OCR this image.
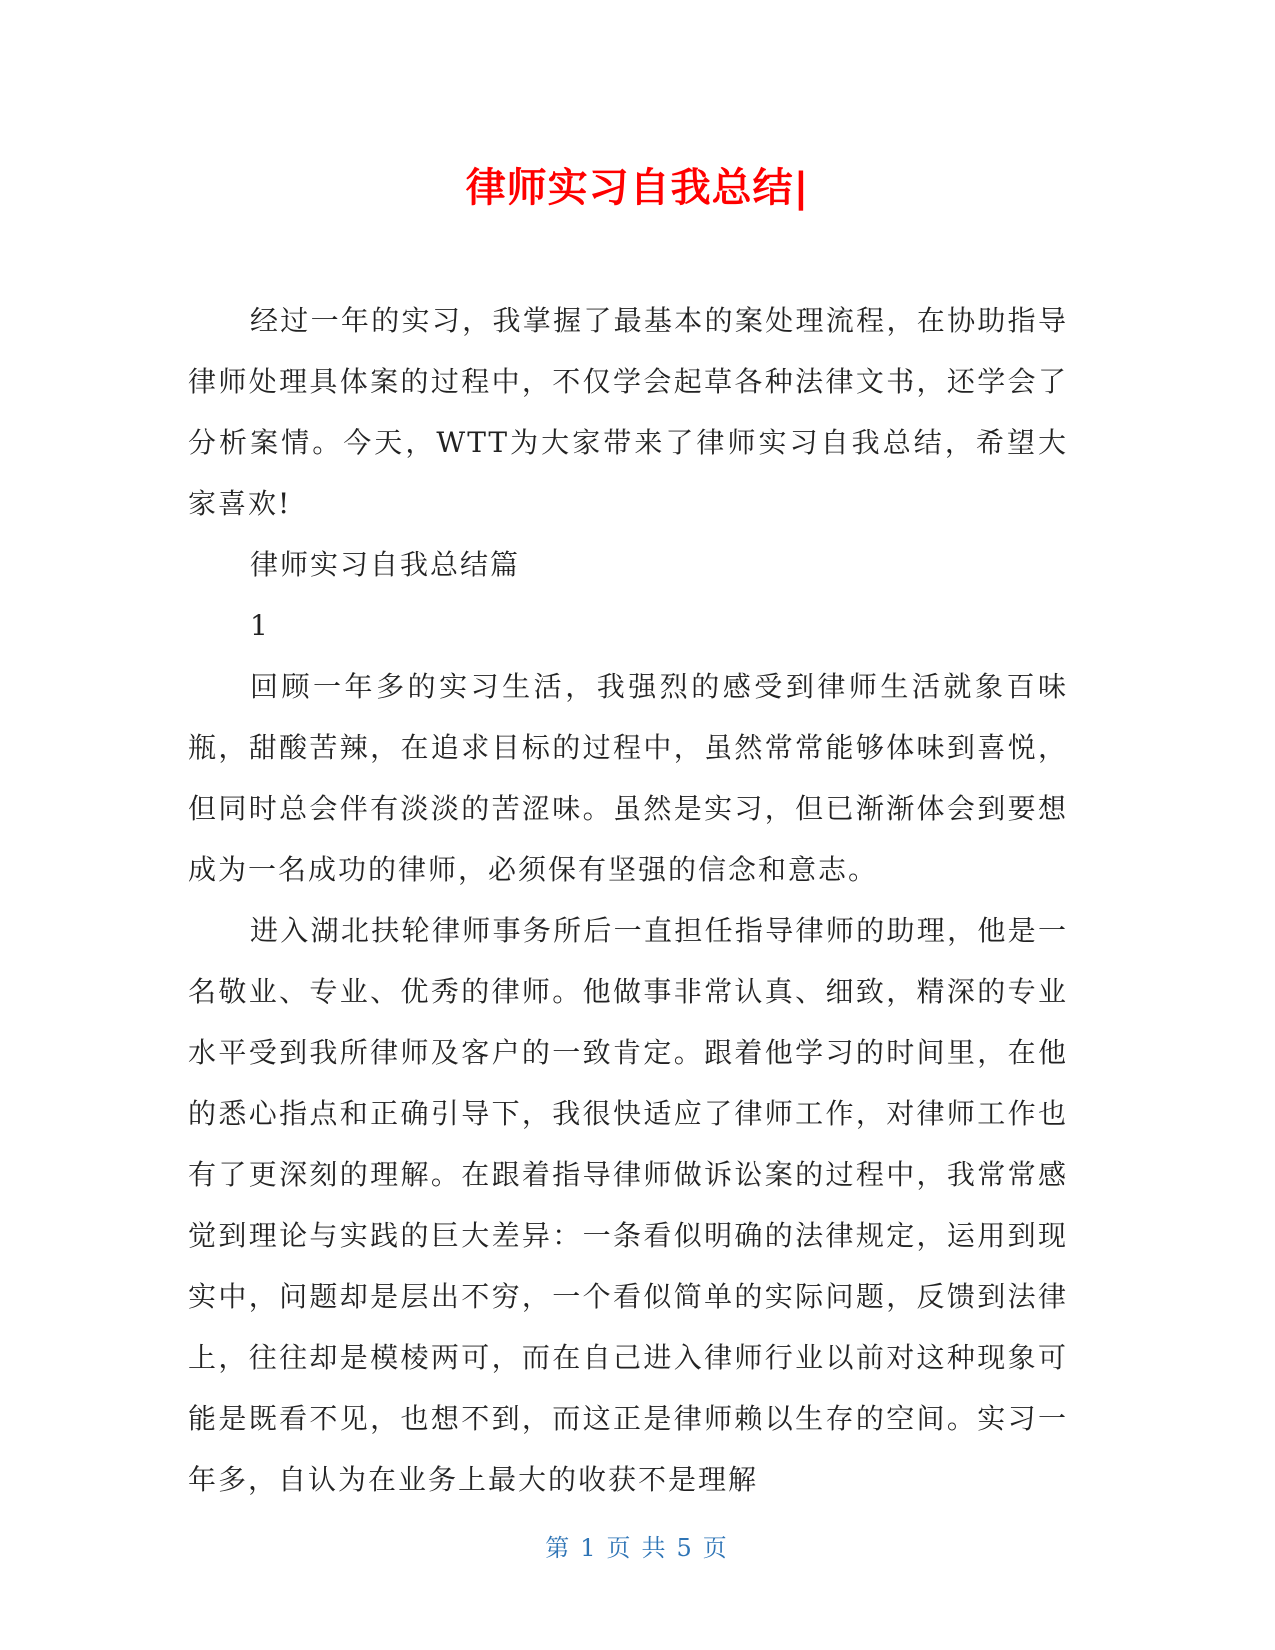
律师实习自我总结|

经过一年的实习，我掌握了最基本的案处理流程，在协助指导律师处理具体案的过程中，不仅学会起草各种法律文书，还学会了分析案情。今天，WTT为大家带来了律师实习自我总结，希望大家喜欢!

律师实习自我总结篇

1

回顾一年多的实习生活，我强烈的感受到律师生活就象百味瓶，甜酸苦辣，在追求目标的过程中，虽然常常能够体味到喜悦，但同时总会伴有淡淡的苦涩味。虽然是实习，但已渐渐体会到要想成为一名成功的律师，必须保有坚强的信念和意志。

进入湖北扶轮律师事务所后一直担任指导律师的助理，他是一名敬业、专业、优秀的律师。他做事非常认真、细致，精深的专业水平受到我所律师及客户的一致肯定。跟着他学习的时间里，在他的悉心指点和正确引导下，我很快适应了律师工作，对律师工作也有了更深刻的理解。在跟着指导律师做诉讼案的过程中，我常常感觉到理论与实践的巨大差异：一条看似明确的法律规定，运用到现实中，问题却是层出不穷，一个看似简单的实际问题，反馈到法律上，往往却是模棱两可，而在自己进入律师行业以前对这种现象可能是既看不见，也想不到，而这正是律师赖以生存的空间。实习一年多，自认为在业务上最大的收获不是理解

第 1 页 共 5 页
